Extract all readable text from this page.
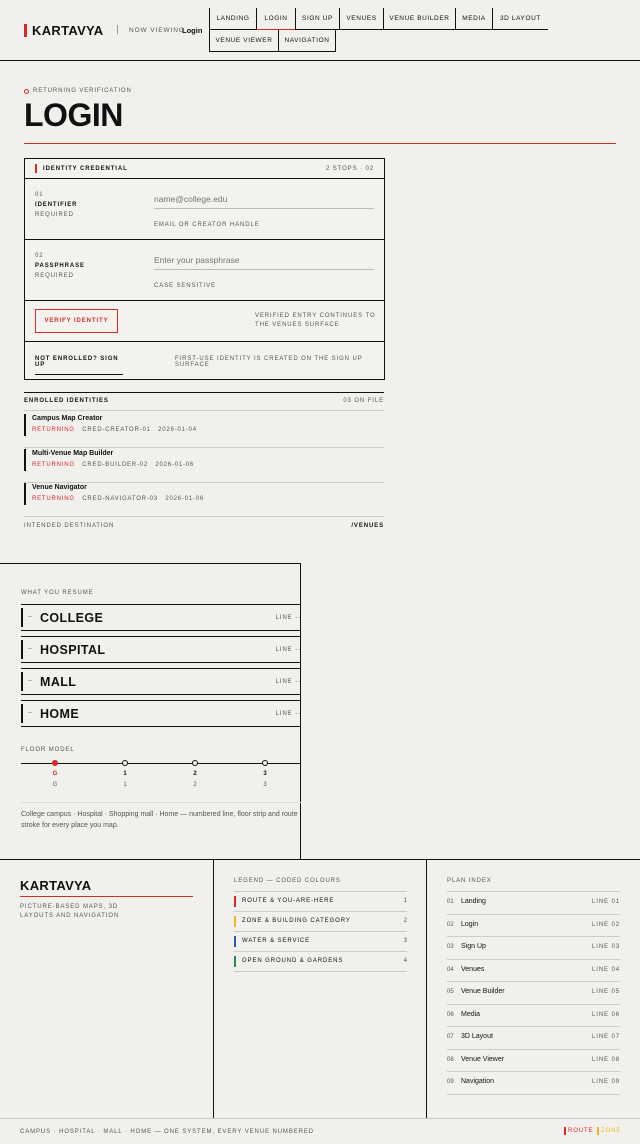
KARTAVYA	NOW VIEWING
Login
LANDING	LOGIN	SIGN UP	VENUES	VENUE BUILDER	MEDIA	3D LAYOUT
VENUE VIEWER	NAVIGATION
RETURNING VERIFICATION
LOGIN
IDENTITY CREDENTIAL	2 STOPS · 02
01
IDENTIFIER
REQUIRED
name@college.edu
EMAIL OR CREATOR HANDLE
02
PASSPHRASE
REQUIRED
CASE SENSITIVE
VERIFY IDENTITY
VERIFIED ENTRY CONTINUES TO
THE VENUES SURFACE
NOT ENROLLED? SIGN UP
FIRST-USE IDENTITY IS CREATED ON THE SIGN UP SURFACE
ENROLLED IDENTITIES	03 ON FILE
Campus Map Creator
RETURNING CRED-CREATOR-01 2026-01-04
Multi-Venue Map Builder
RETURNING CRED-BUILDER-02 2026-01-06
Venue Navigator
RETURNING CRED-NAVIGATOR-03 2026-01-06
INTENDED DESTINATION	/VENUES
WHAT YOU RESUME
-- COLLEGE	LINE --
-- HOSPITAL	LINE --
-- MALL	LINE --
-- HOME	LINE --
FLOOR MODEL
G	1	2	3
G	1	2	3
College campus · Hospital · Shopping mall · Home — numbered line, floor strip and route
stroke for every place you map.
KARTAVYA
PICTURE-BASED MAPS, 3D
LAYOUTS AND NAVIGATION
LEGEND — CODED COLOURS
ROUTE & YOU-ARE-HERE	1
ZONE & BUILDING CATEGORY	2
WATER & SERVICE	3
OPEN GROUND & GARDENS	4
PLAN INDEX
01 Landing	LINE 01
02 Login	LINE 02
03 Sign Up	LINE 03
04 Venues	LINE 04
05 Venue Builder	LINE 05
06 Media	LINE 06
07 3D Layout	LINE 07
08 Venue Viewer	LINE 08
09 Navigation	LINE 09
CAMPUS · HOSPITAL · MALL · HOME — ONE SYSTEM, EVERY VENUE NUMBERED	ROUTE ZONE
